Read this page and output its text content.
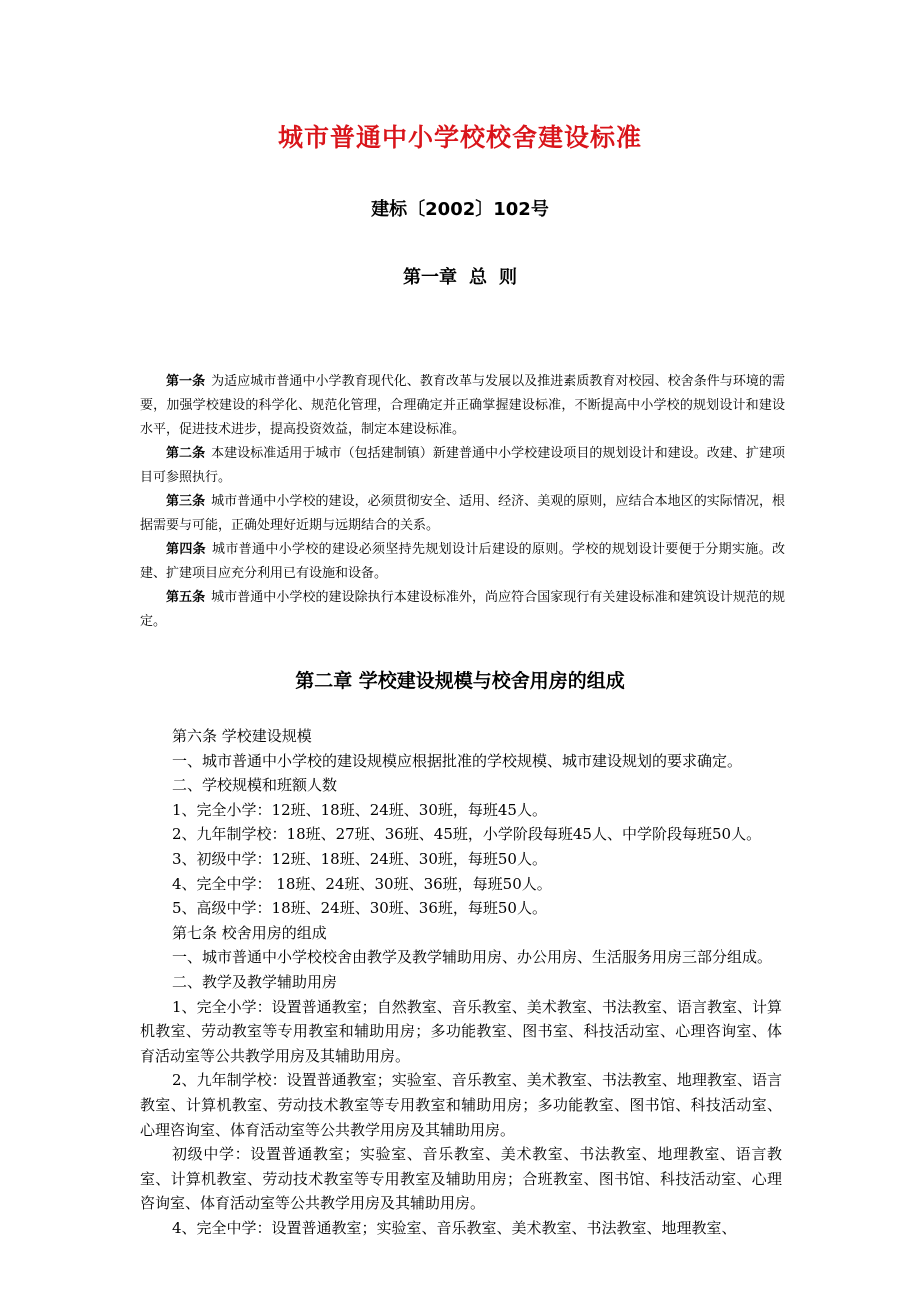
城市普通中小学校校舍建设标准
建标〔2002〕102号
第一章 总 则

第一条 为适应城市普通中小学教育现代化、教育改革与发展以及推进素质教育对校园、校舍条件与环境的需要，加强学校建设的科学化、规范化管理，合理确定并正确掌握建设标准，不断提高中小学校的规划设计和建设水平，促进技术进步，提高投资效益，制定本建设标准。

第二条 本建设标准适用于城市（包括建制镇）新建普通中小学校建设项目的规划设计和建设。改建、扩建项目可参照执行。

第三条 城市普通中小学校的建设，必须贯彻安全、适用、经济、美观的原则，应结合本地区的实际情况，根据需要与可能，正确处理好近期与远期结合的关系。

第四条 城市普通中小学校的建设必须坚持先规划设计后建设的原则。学校的规划设计要便于分期实施。改建、扩建项目应充分利用已有设施和设备。

第五条 城市普通中小学校的建设除执行本建设标准外，尚应符合国家现行有关建设标准和建筑设计规范的规定。

第二章 学校建设规模与校舍用房的组成

第六条 学校建设规模

一、城市普通中小学校的建设规模应根据批准的学校规模、城市建设规划的要求确定。

二、学校规模和班额人数

1、完全小学：12班、18班、24班、30班，每班45人。

2、九年制学校：18班、27班、36班、45班，小学阶段每班45人、中学阶段每班50人。

3、初级中学：12班、18班、24班、30班，每班50人。

4、完全中学： 18班、24班、30班、36班，每班50人。

5、高级中学：18班、24班、30班、36班，每班50人。

第七条 校舍用房的组成

一、城市普通中小学校校舍由教学及教学辅助用房、办公用房、生活服务用房三部分组成。

二、教学及教学辅助用房

1、完全小学：设置普通教室；自然教室、音乐教室、美术教室、书法教室、语言教室、计算机教室、劳动教室等专用教室和辅助用房；多功能教室、图书室、科技活动室、心理咨询室、体育活动室等公共教学用房及其辅助用房。

2、九年制学校：设置普通教室；实验室、音乐教室、美术教室、书法教室、地理教室、语言教室、计算机教室、劳动技术教室等专用教室和辅助用房；多功能教室、图书馆、科技活动室、心理咨询室、体育活动室等公共教学用房及其辅助用房。

初级中学：设置普通教室；实验室、音乐教室、美术教室、书法教室、地理教室、语言教室、计算机教室、劳动技术教室等专用教室及辅助用房；合班教室、图书馆、科技活动室、心理咨询室、体育活动室等公共教学用房及其辅助用房。

4、完全中学：设置普通教室；实验室、音乐教室、美术教室、书法教室、地理教室、
